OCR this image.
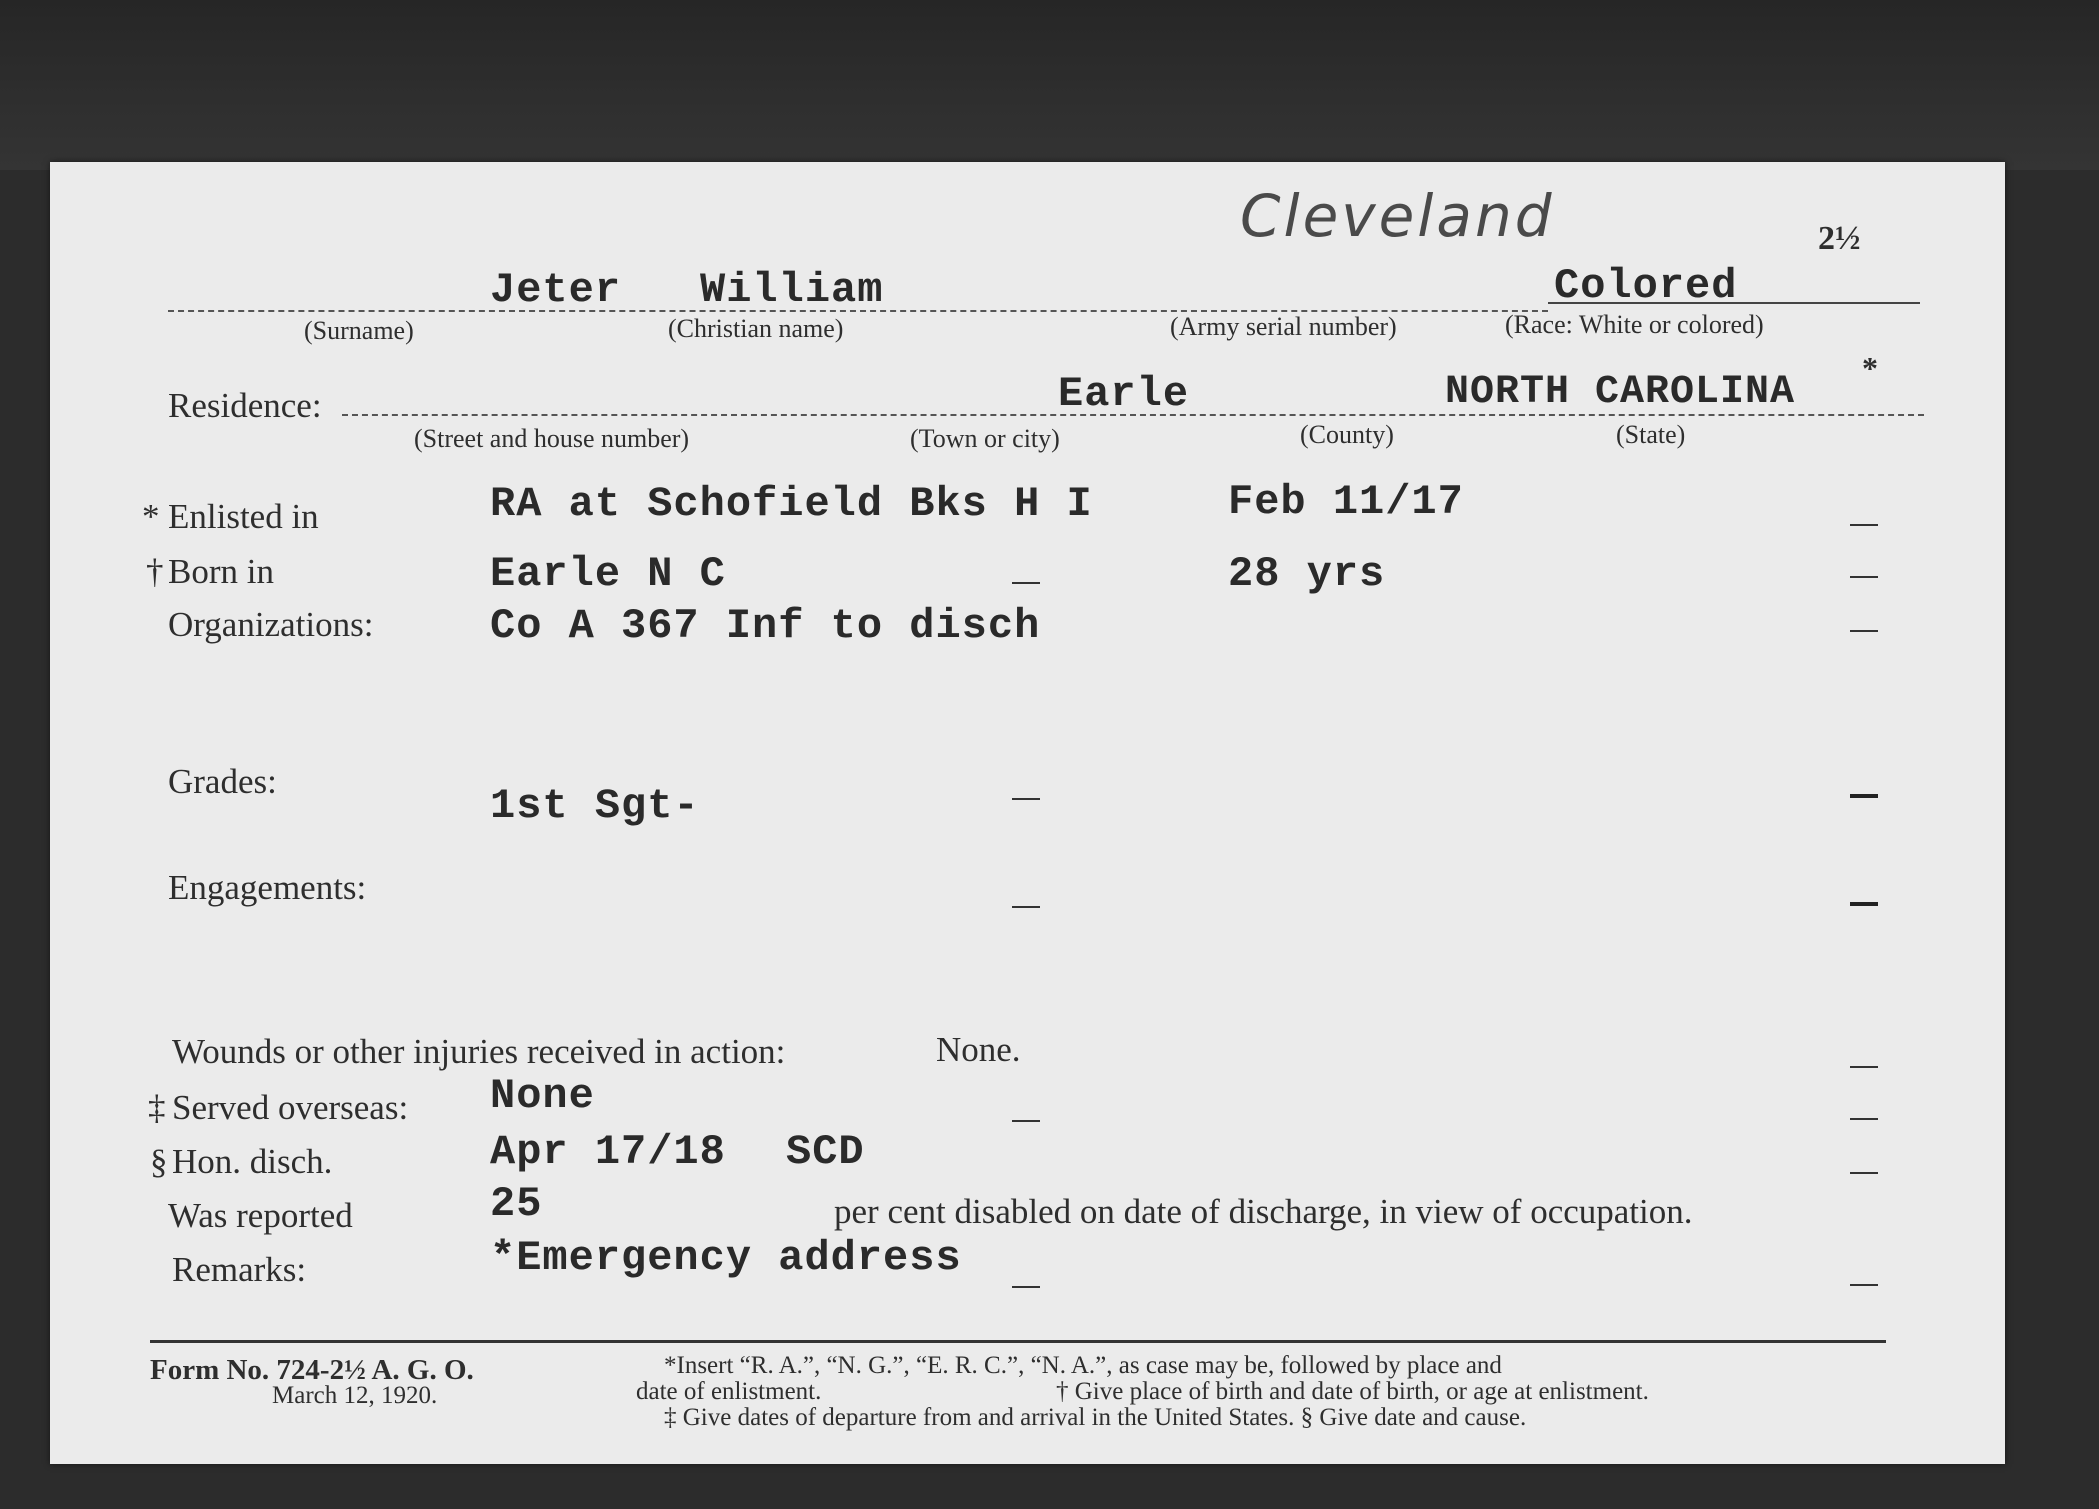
Cleveland	2½
Jeter William	Colored
(Surname)	(Christian name)	(Army serial number)	(Race: White or colored)
Residence:	Earle	NORTH CAROLINA
*
(Street and house number)	(Town or city)	(County)	(State)
* Enlisted in	RA at Schofield Bks H I	Feb 11/17
† Born in	Earle N C	28 yrs
Organizations:	Co A 367 Inf to disch
Grades:
1st Sgt-
Engagements:
Wounds or other injuries received in action:	None.
‡ Served overseas: None
§ Hon. disch.	Apr 17/18 SCD
Was reported	25	per cent disabled on date of discharge, in view of occupation.
Remarks:	*Emergency address
Form No. 724-2½ A. G. O.
March 12, 1920.
*Insert “R. A.”, “N. G.”, “E. R. C.”, “N. A.”, as case may be, followed by place and
date of enlistment.	† Give place of birth and date of birth, or age at enlistment.
‡ Give dates of departure from and arrival in the United States. § Give date and cause.
